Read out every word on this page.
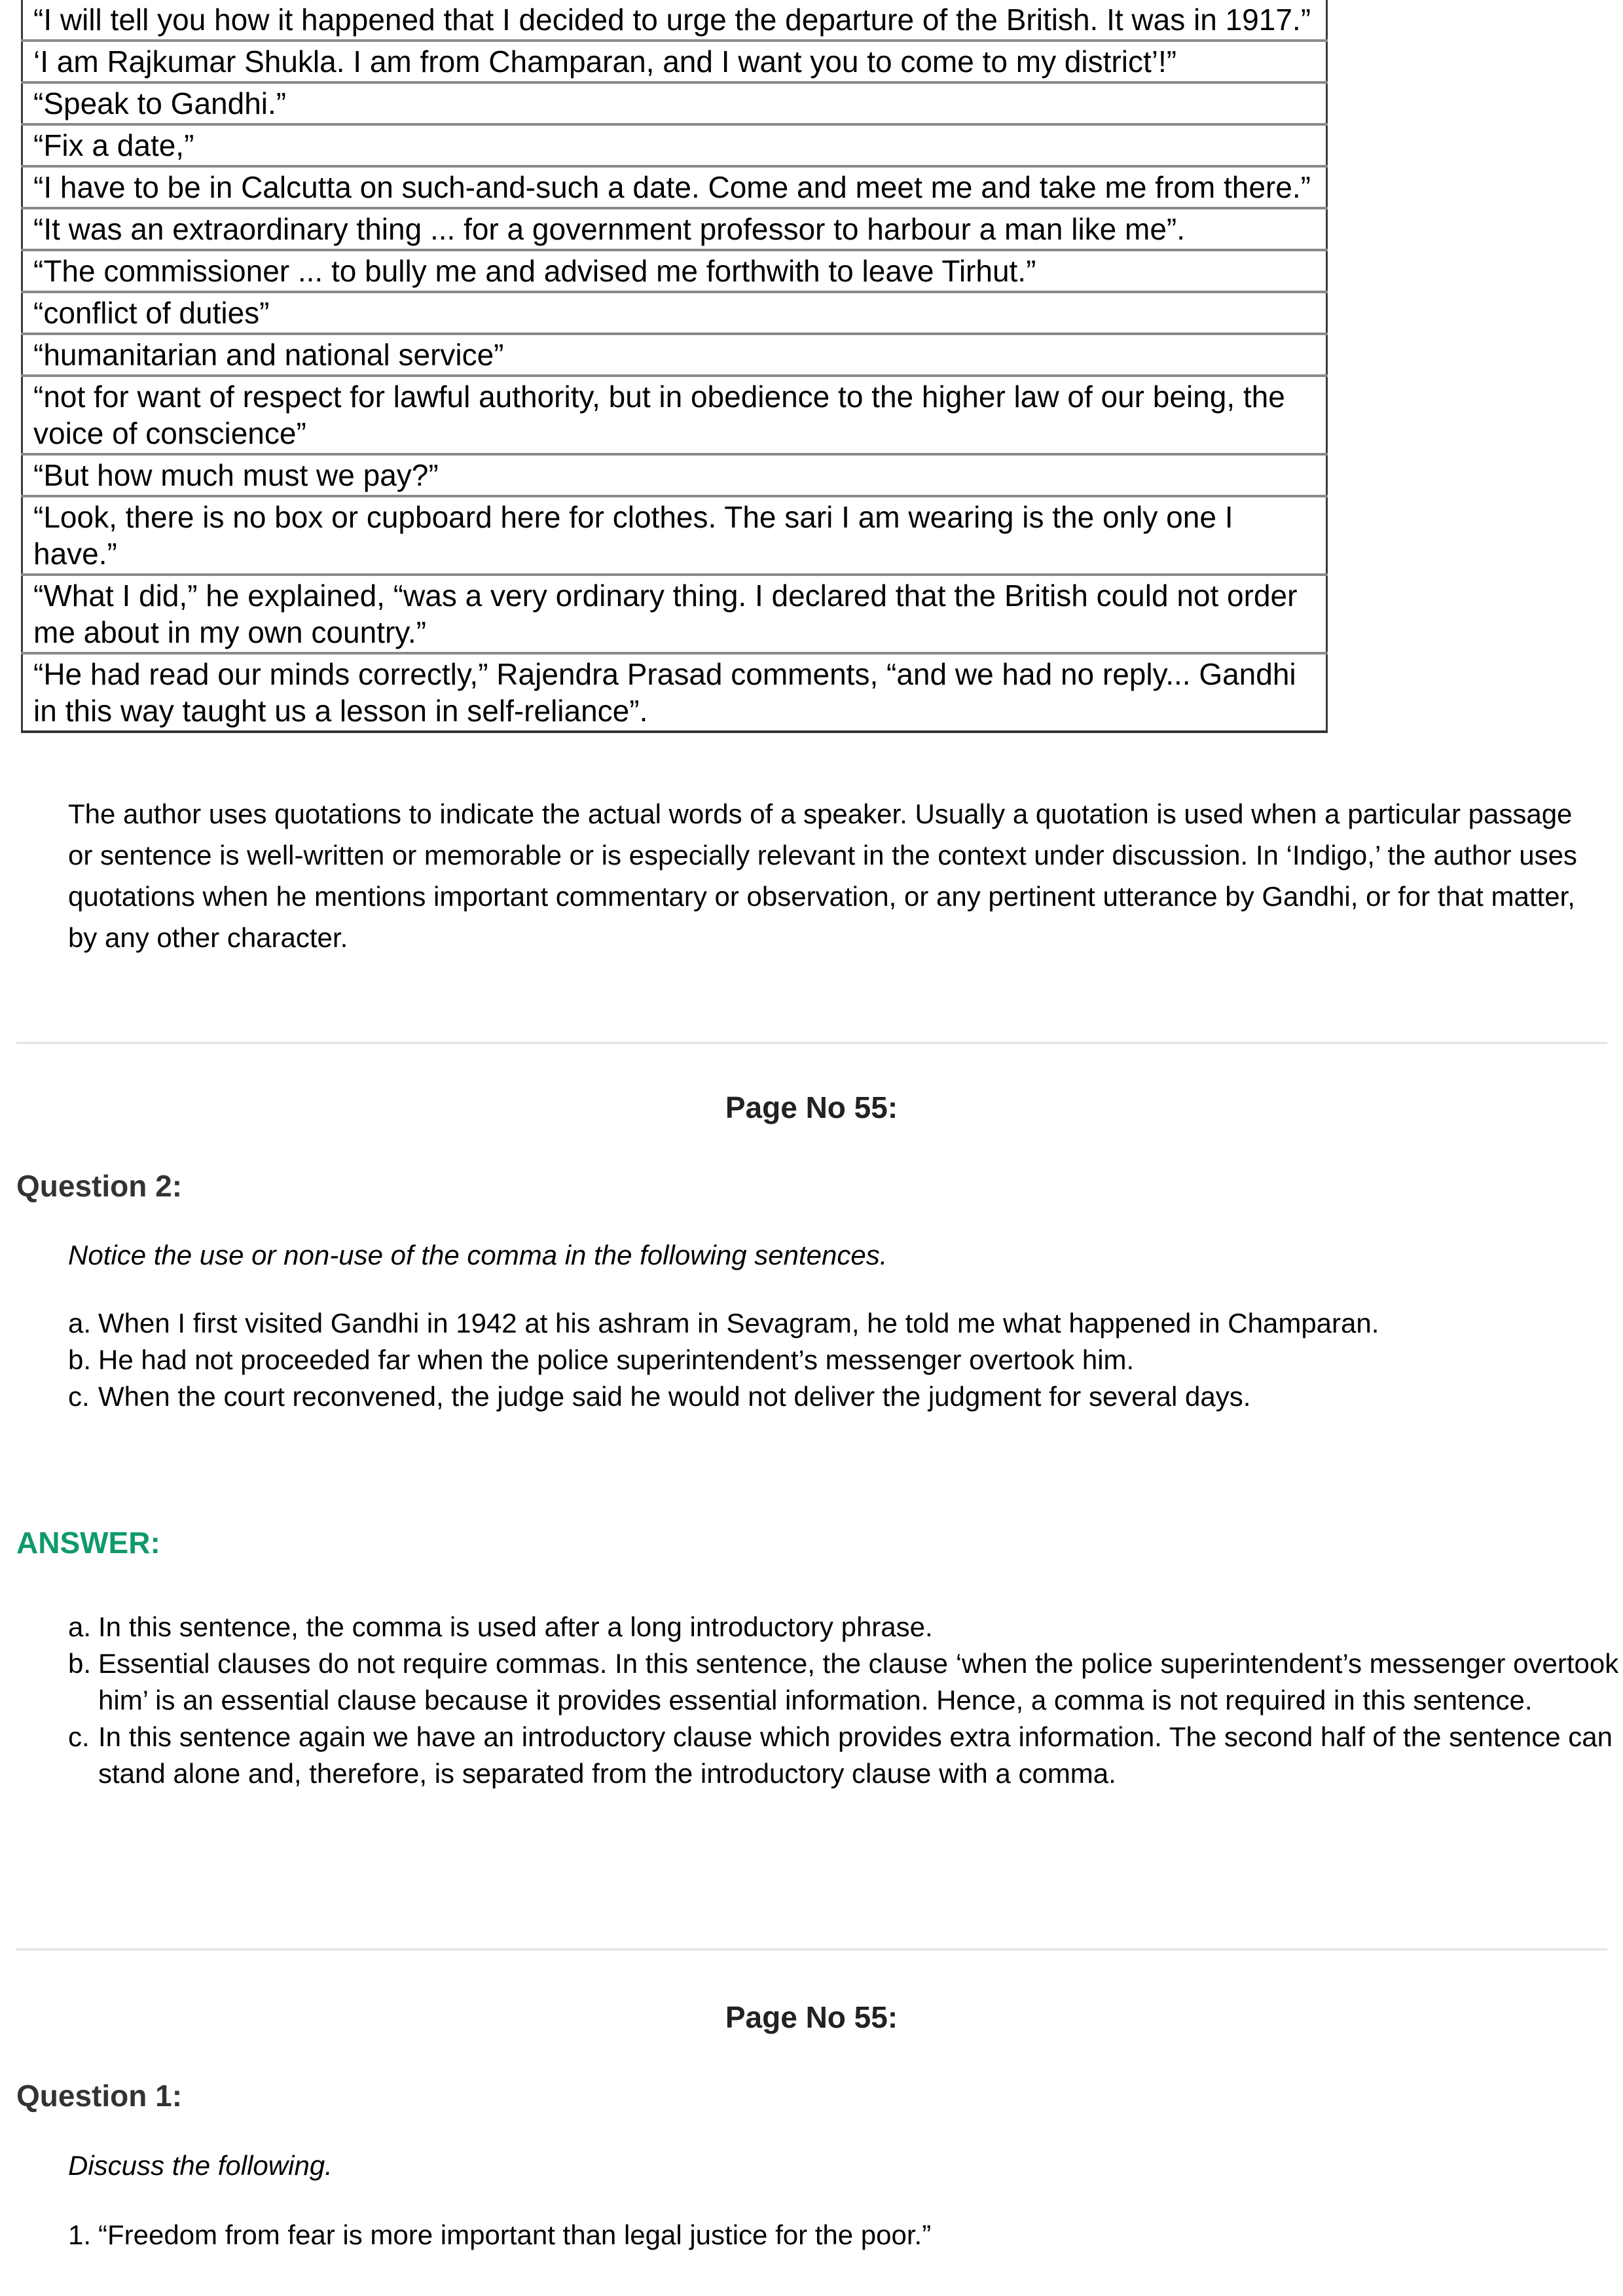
“I will tell you how it happened that I decided to urge the departure of the British. It was in 1917.”
‘I am Rajkumar Shukla. I am from Champaran, and I want you to come to my district’!”
“Speak to Gandhi.”
“Fix a date,”
“I have to be in Calcutta on such-and-such a date. Come and meet me and take me from there.”
“It was an extraordinary thing ... for a government professor to harbour a man like me”.
“The commissioner ... to bully me and advised me forthwith to leave Tirhut.”
“conflict of duties”
“humanitarian and national service”
“not for want of respect for lawful authority, but in obedience to the higher law of our being, the voice of conscience”
“But how much must we pay?”
“Look, there is no box or cupboard here for clothes. The sari I am wearing is the only one I have.”
“What I did,” he explained, “was a very ordinary thing. I declared that the British could not order me about in my own country.”
“He had read our minds correctly,” Rajendra Prasad comments, “and we had no reply... Gandhi in this way taught us a lesson in self-reliance”.

The author uses quotations to indicate the actual words of a speaker. Usually a quotation is used when a particular passage or sentence is well-written or memorable or is especially relevant in the context under discussion. In ‘Indigo,’ the author uses quotations when he mentions important commentary or observation, or any pertinent utterance by Gandhi, or for that matter, by any other character.

Page No 55:
Question 2:
Notice the use or non-use of the comma in the following sentences.
a. When I first visited Gandhi in 1942 at his ashram in Sevagram, he told me what happened in Champaran.
b. He had not proceeded far when the police superintendent’s messenger overtook him.
c. When the court reconvened, the judge said he would not deliver the judgment for several days.
ANSWER:
a. In this sentence, the comma is used after a long introductory phrase.
b. Essential clauses do not require commas. In this sentence, the clause ‘when the police superintendent’s messenger overtook him’ is an essential clause because it provides essential information. Hence, a comma is not required in this sentence.
c. In this sentence again we have an introductory clause which provides extra information. The second half of the sentence can stand alone and, therefore, is separated from the introductory clause with a comma.
Page No 55:
Question 1:
Discuss the following.
1. “Freedom from fear is more important than legal justice for the poor.”
